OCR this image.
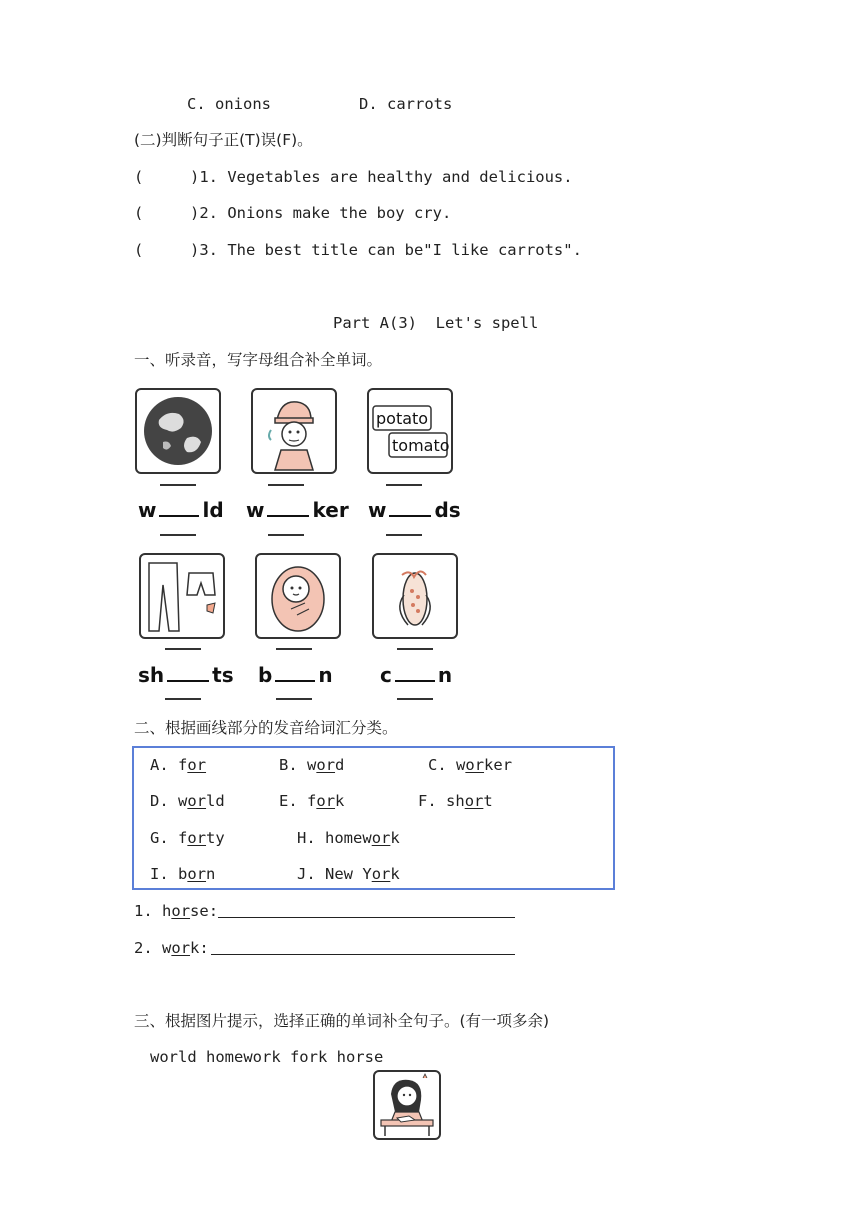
C. onions	D. carrots
(二)判断句子正(T)误(F)。
(     )1. Vegetables are healthy and delicious.
(     )2. Onions make the boy cry.
(     )3. The best title can be"I like carrots".
Part A(3)  Let's spell
一、听录音，写字母组合补全单词。
potato
tomato
w ld w ker w ds
sh ts b n c n
二、根据画线部分的发音给词汇分类。
A. for	B. word	C. worker
D. world	E. fork	F. short
G. forty	H. homework
I. born	J. New York
1. horse:
2. work:
三、根据图片提示，选择正确的单词补全句子。(有一项多余)
world homework fork horse
